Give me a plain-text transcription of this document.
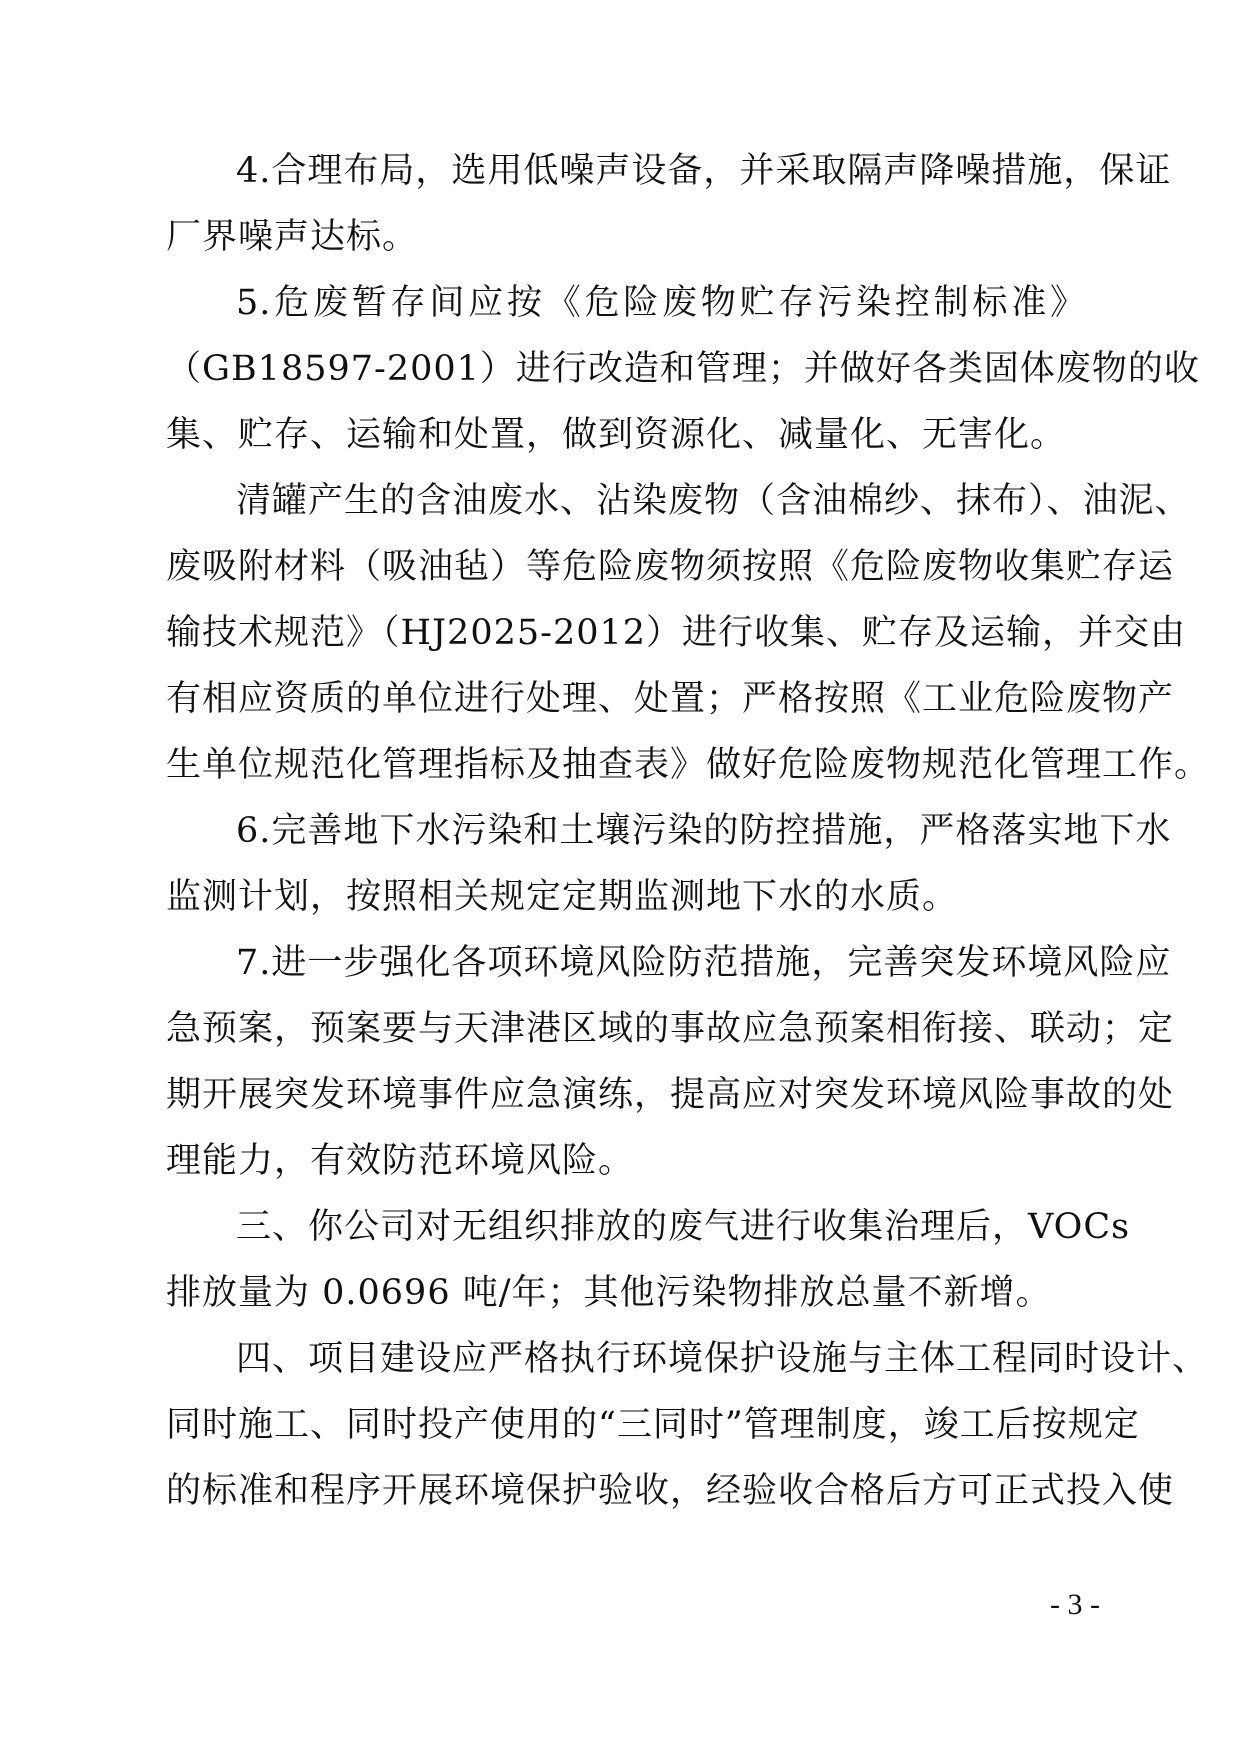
4.合理布局，选用低噪声设备，并采取隔声降噪措施，保证
厂界噪声达标。
5.危废暂存间应按《危险废物贮存污染控制标准》
（GB18597-2001）进行改造和管理；并做好各类固体废物的收
集、贮存、运输和处置，做到资源化、减量化、无害化。
清罐产生的含油废水、沾染废物（含油棉纱、抹布）、油泥、
废吸附材料（吸油毡）等危险废物须按照《危险废物收集贮存运
输技术规范》（HJ2025-2012）进行收集、贮存及运输，并交由
有相应资质的单位进行处理、处置；严格按照《工业危险废物产
生单位规范化管理指标及抽查表》做好危险废物规范化管理工作。
6.完善地下水污染和土壤污染的防控措施，严格落实地下水
监测计划，按照相关规定定期监测地下水的水质。
7.进一步强化各项环境风险防范措施，完善突发环境风险应
急预案，预案要与天津港区域的事故应急预案相衔接、联动；定
期开展突发环境事件应急演练，提高应对突发环境风险事故的处
理能力，有效防范环境风险。
三、你公司对无组织排放的废气进行收集治理后，VOCs
排放量为 0.0696 吨/年；其他污染物排放总量不新增。
四、项目建设应严格执行环境保护设施与主体工程同时设计、
同时施工、同时投产使用的“三同时”管理制度，竣工后按规定
的标准和程序开展环境保护验收，经验收合格后方可正式投入使
- 3 -
